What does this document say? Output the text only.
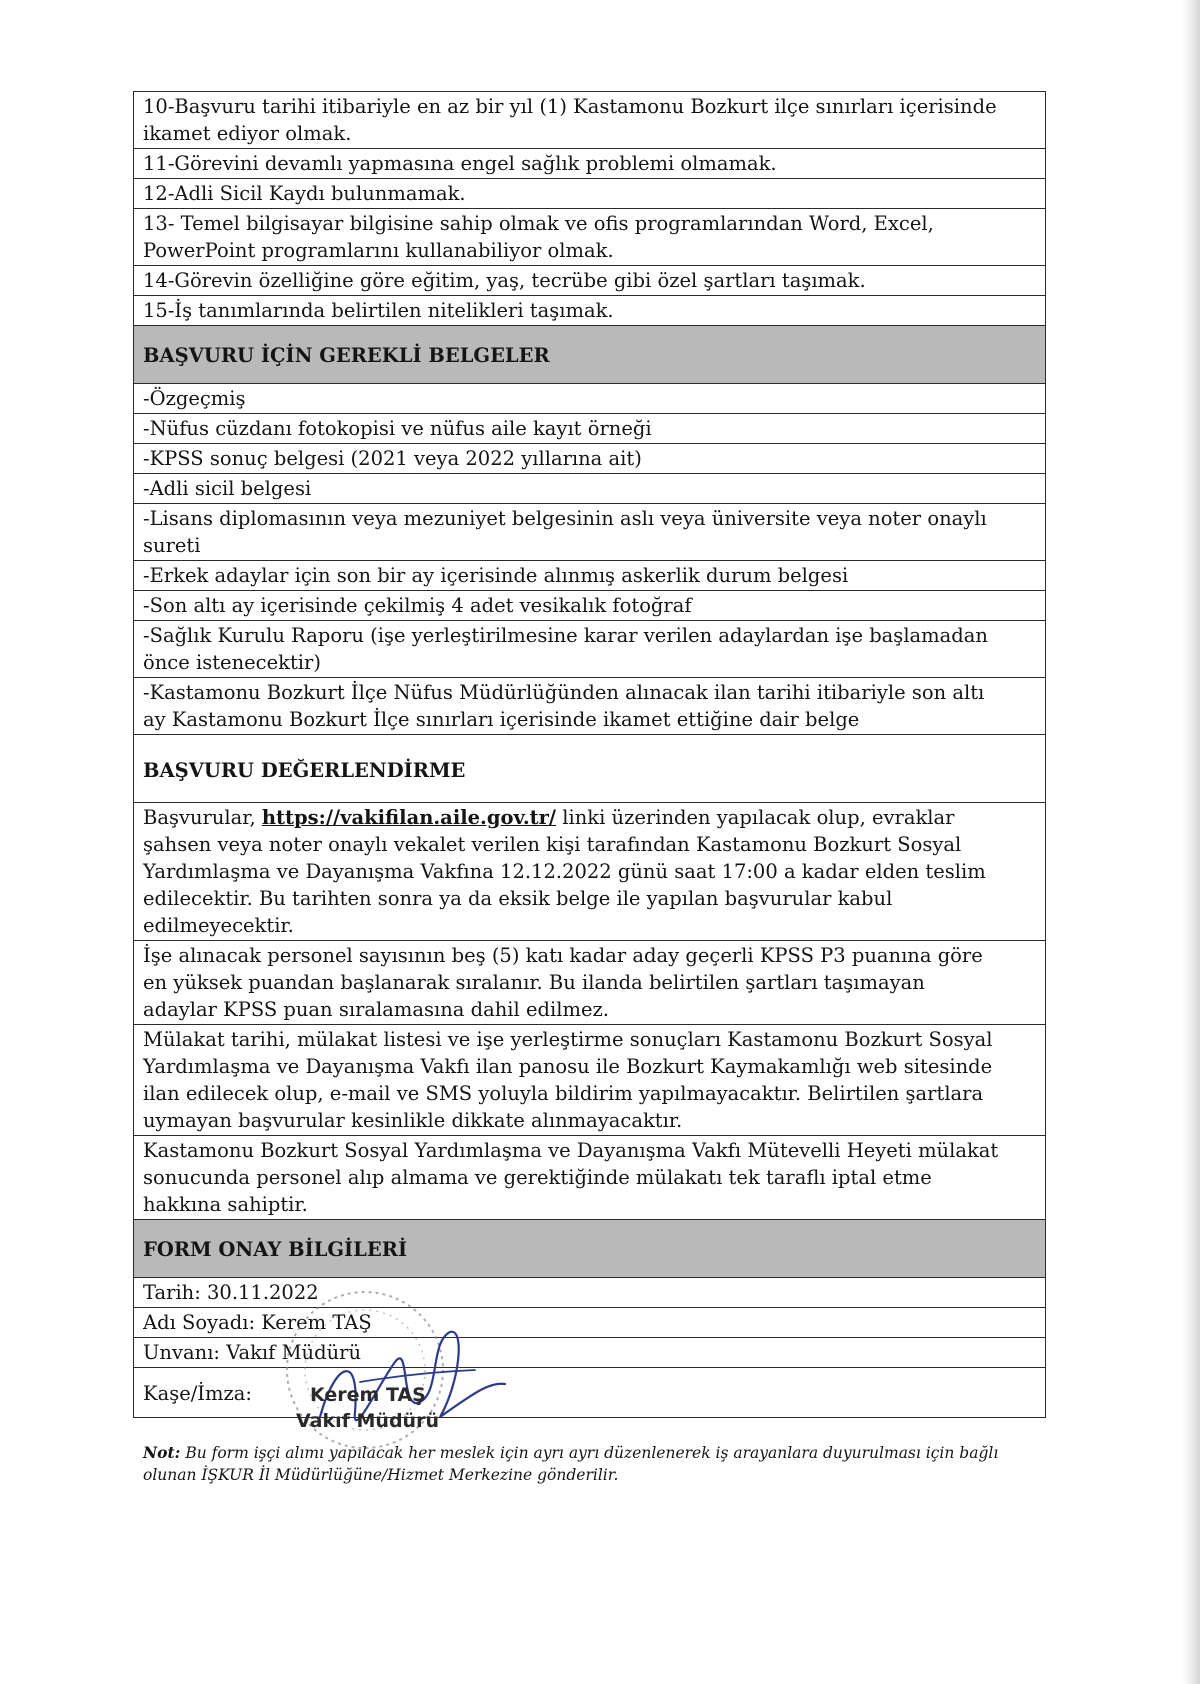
10-Başvuru tarihi itibariyle en az bir yıl (1) Kastamonu Bozkurt ilçe sınırları içerisinde
ikamet ediyor olmak.
11-Görevini devamlı yapmasına engel sağlık problemi olmamak.
12-Adli Sicil Kaydı bulunmamak.
13- Temel bilgisayar bilgisine sahip olmak ve ofis programlarından Word, Excel,
PowerPoint programlarını kullanabiliyor olmak.
14-Görevin özelliğine göre eğitim, yaş, tecrübe gibi özel şartları taşımak.
15-İş tanımlarında belirtilen nitelikleri taşımak.
BAŞVURU İÇİN GEREKLİ BELGELER
-Özgeçmiş
-Nüfus cüzdanı fotokopisi ve nüfus aile kayıt örneği
-KPSS sonuç belgesi (2021 veya 2022 yıllarına ait)
-Adli sicil belgesi
-Lisans diplomasının veya mezuniyet belgesinin aslı veya üniversite veya noter onaylı
sureti
-Erkek adaylar için son bir ay içerisinde alınmış askerlik durum belgesi
-Son altı ay içerisinde çekilmiş 4 adet vesikalık fotoğraf
-Sağlık Kurulu Raporu (işe yerleştirilmesine karar verilen adaylardan işe başlamadan
önce istenecektir)
-Kastamonu Bozkurt İlçe Nüfus Müdürlüğünden alınacak ilan tarihi itibariyle son altı
ay Kastamonu Bozkurt İlçe sınırları içerisinde ikamet ettiğine dair belge
BAŞVURU DEĞERLENDİRME
Başvurular, https://vakifilan.aile.gov.tr/ linki üzerinden yapılacak olup, evraklar
şahsen veya noter onaylı vekalet verilen kişi tarafından Kastamonu Bozkurt Sosyal
Yardımlaşma ve Dayanışma Vakfına 12.12.2022 günü saat 17:00 a kadar elden teslim
edilecektir. Bu tarihten sonra ya da eksik belge ile yapılan başvurular kabul
edilmeyecektir.
İşe alınacak personel sayısının beş (5) katı kadar aday geçerli KPSS P3 puanına göre
en yüksek puandan başlanarak sıralanır. Bu ilanda belirtilen şartları taşımayan
adaylar KPSS puan sıralamasına dahil edilmez.
Mülakat tarihi, mülakat listesi ve işe yerleştirme sonuçları Kastamonu Bozkurt Sosyal
Yardımlaşma ve Dayanışma Vakfı ilan panosu ile Bozkurt Kaymakamlığı web sitesinde
ilan edilecek olup, e-mail ve SMS yoluyla bildirim yapılmayacaktır. Belirtilen şartlara
uymayan başvurular kesinlikle dikkate alınmayacaktır.
Kastamonu Bozkurt Sosyal Yardımlaşma ve Dayanışma Vakfı Mütevelli Heyeti mülakat
sonucunda personel alıp almama ve gerektiğinde mülakatı tek taraflı iptal etme
hakkına sahiptir.
FORM ONAY BİLGİLERİ
Tarih: 30.11.2022
Adı Soyadı: Kerem TAŞ
Unvanı: Vakıf Müdürü
Kaşe/İmza:	Kerem TAŞ
Vakıf Müdürü
Not: Bu form işçi alımı yapılacak her meslek için ayrı ayrı düzenlenerek iş arayanlara duyurulması için bağlı
olunan İŞKUR İl Müdürlüğüne/Hizmet Merkezine gönderilir.
